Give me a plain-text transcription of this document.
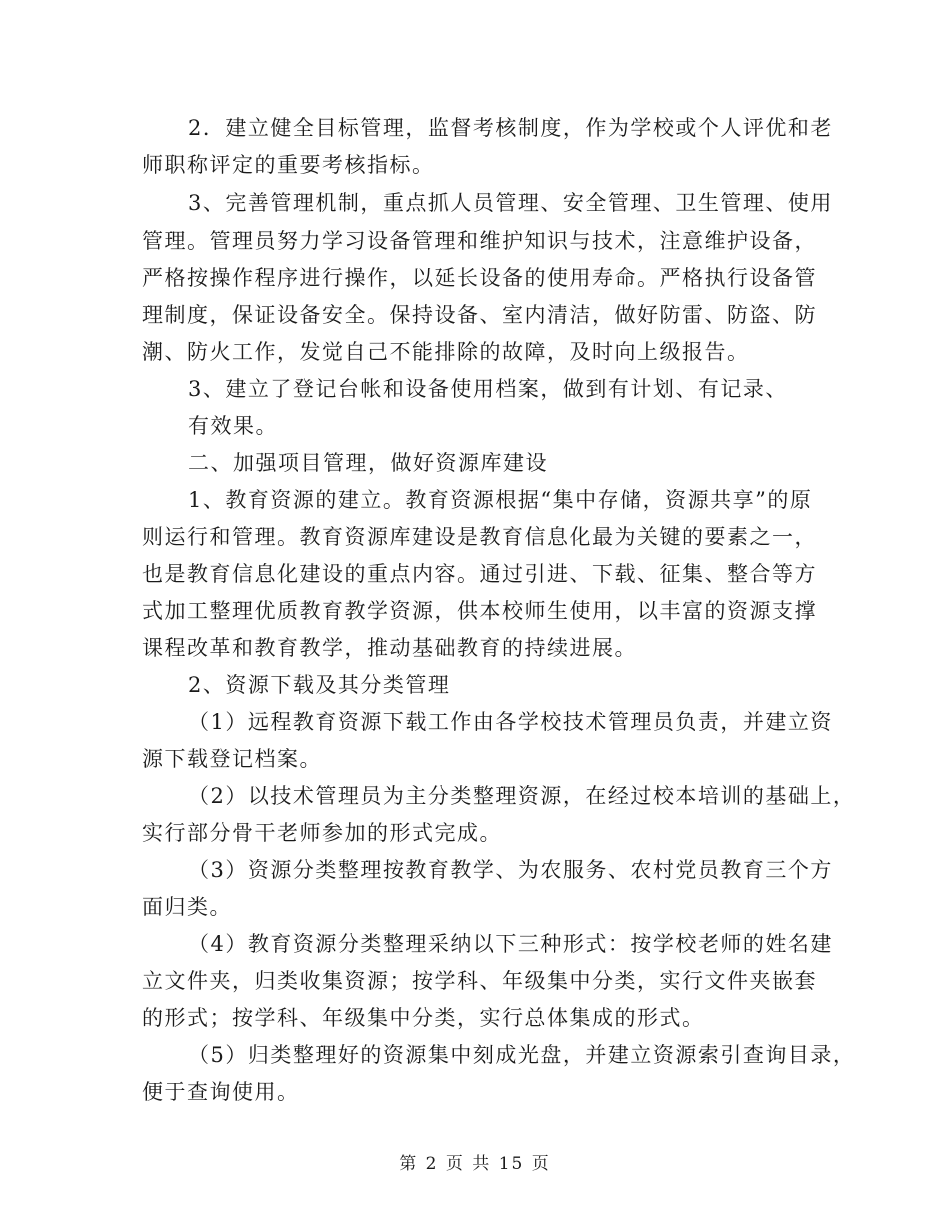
2．建立健全目标管理，监督考核制度，作为学校或个人评优和老
师职称评定的重要考核指标。
3、完善管理机制，重点抓人员管理、安全管理、卫生管理、使用
管理。管理员努力学习设备管理和维护知识与技术，注意维护设备，
严格按操作程序进行操作，以延长设备的使用寿命。严格执行设备管
理制度，保证设备安全。保持设备、室内清洁，做好防雷、防盗、防
潮、防火工作，发觉自己不能排除的故障，及时向上级报告。
3、建立了登记台帐和设备使用档案，做到有计划、有记录、
有效果。
二、加强项目管理，做好资源库建设
1、教育资源的建立。教育资源根据“集中存储，资源共享”的原
则运行和管理。教育资源库建设是教育信息化最为关键的要素之一，
也是教育信息化建设的重点内容。通过引进、下载、征集、整合等方
式加工整理优质教育教学资源，供本校师生使用，以丰富的资源支撑
课程改革和教育教学，推动基础教育的持续进展。
2、资源下载及其分类管理
（1）远程教育资源下载工作由各学校技术管理员负责，并建立资
源下载登记档案。
（2）以技术管理员为主分类整理资源，在经过校本培训的基础上，
实行部分骨干老师参加的形式完成。
（3）资源分类整理按教育教学、为农服务、农村党员教育三个方
面归类。
（4）教育资源分类整理采纳以下三种形式：按学校老师的姓名建
立文件夹，归类收集资源；按学科、年级集中分类，实行文件夹嵌套
的形式；按学科、年级集中分类，实行总体集成的形式。
（5）归类整理好的资源集中刻成光盘，并建立资源索引查询目录，
便于查询使用。
第 2 页 共 15 页
